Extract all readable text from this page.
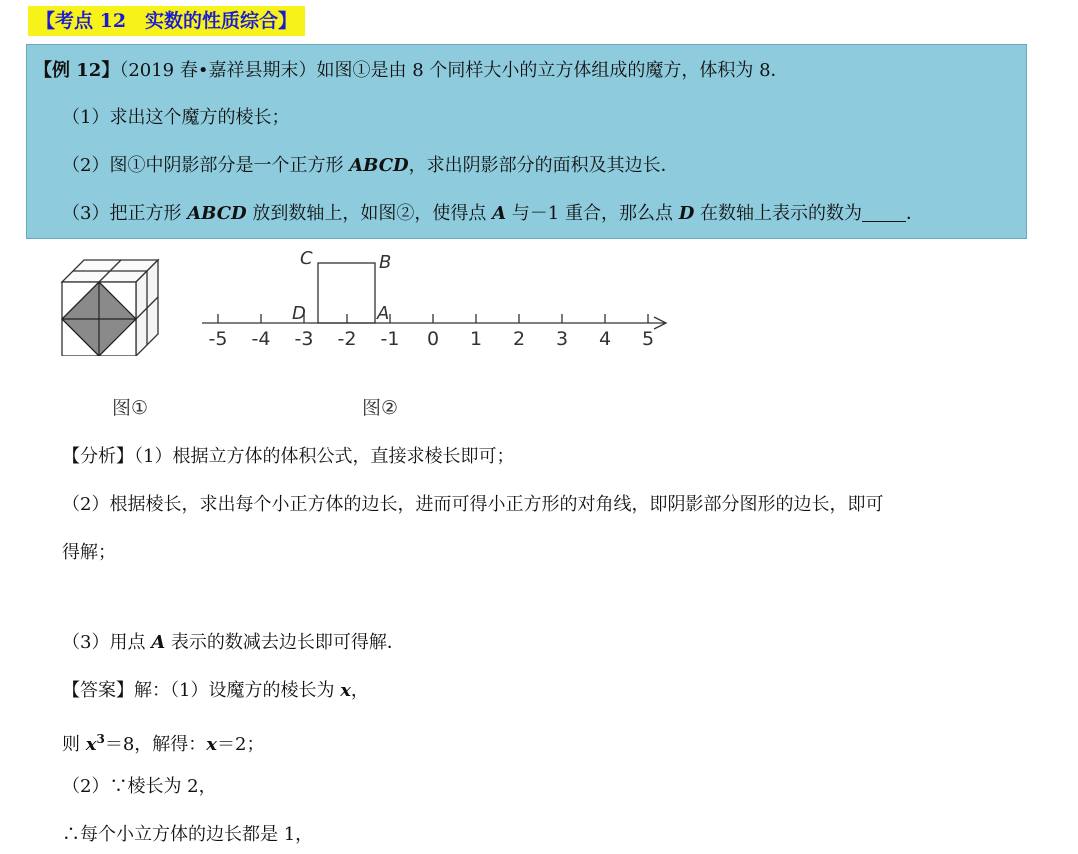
【考点 12　实数的性质综合】
【例 12】（2019 春•嘉祥县期末）如图①是由 8 个同样大小的立方体组成的魔方，体积为 8．
（1）求出这个魔方的棱长；
（2）图①中阴影部分是一个正方形 ABCD，求出阴影部分的面积及其边长．
（3）把正方形 ABCD 放到数轴上，如图②，使得点 A 与－1 重合，那么点 D 在数轴上表示的数为 ．
图①
-5 -4 -3 -2 -1 0 1 2 3 4 5
C	B
D	A
图②
【分析】（1）根据立方体的体积公式，直接求棱长即可；
（2）根据棱长，求出每个小正方体的边长，进而可得小正方形的对角线，即阴影部分图形的边长，即可
得解；
（3）用点 A 表示的数减去边长即可得解．
【答案】解：（1）设魔方的棱长为 x，
则 $x^3=8$，解得：x＝2；
（2）∵棱长为 2，
∴每个小立方体的边长都是 1，
